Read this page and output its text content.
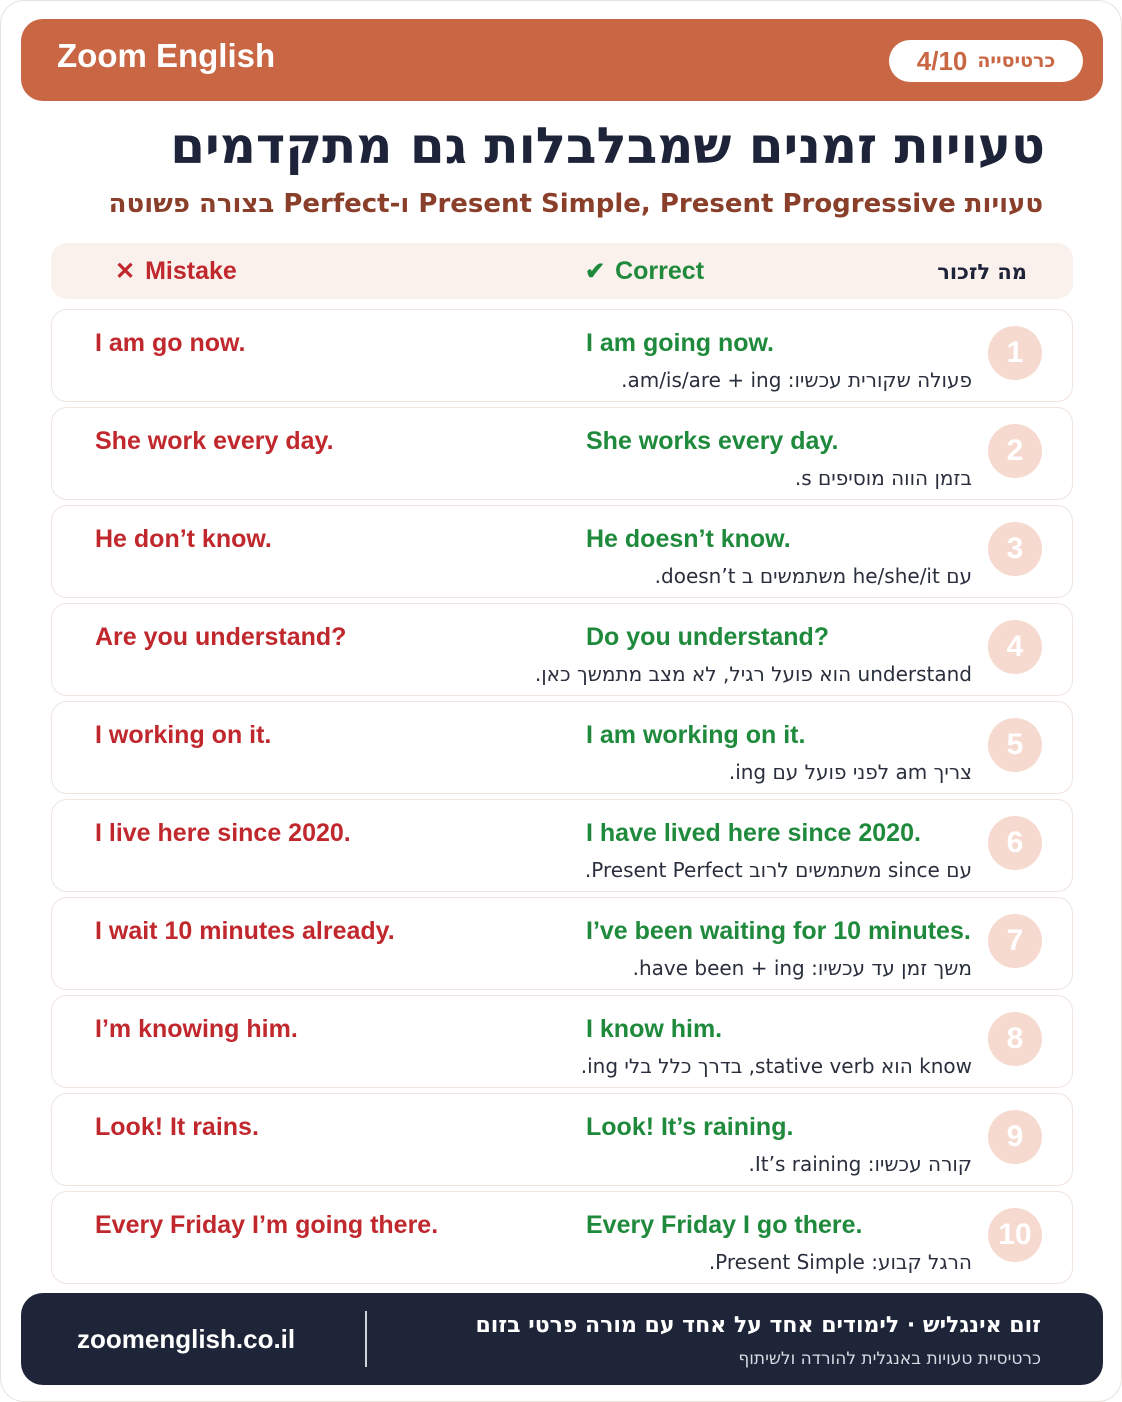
Zoom English	כרטיסייה
4/10
טעויות זמנים שמבלבלות גם מתקדמים
טעויות Present Simple, Present Progressive ו-Perfect בצורה פשוטה
✕ Mistake	✔ Correct	מה לזכור
I am go now.	I am going now.
פעולה שקורית עכשיו: am/is/are + ing.
1
She work every day.	She works every day.
בזמן הווה מוסיפים s.
2
He don’t know.	He doesn’t know.
עם he/she/it משתמשים ב doesn’t.
3
Are you understand?	Do you understand?
understand הוא פועל רגיל, לא מצב מתמשך כאן.
4
I working on it.	I am working on it.
צריך am לפני פועל עם ing.
5
I live here since 2020.	I have lived here since 2020.
עם since משתמשים לרוב Present Perfect.
6
I wait 10 minutes already.	I’ve been waiting for 10 minutes.
משך זמן עד עכשיו: have been + ing.
7
I’m knowing him.	I know him.
know הוא stative verb, בדרך כלל בלי ing.
8
Look! It rains.	Look! It’s raining.
קורה עכשיו: It’s raining.
9
Every Friday I’m going there.	Every Friday I go there.
הרגל קבוע: Present Simple.
10
zoomenglish.co.il	זום אינגליש · לימודים אחד על אחד עם מורה פרטי בזום
כרטיסיית טעויות באנגלית להורדה ולשיתוף
